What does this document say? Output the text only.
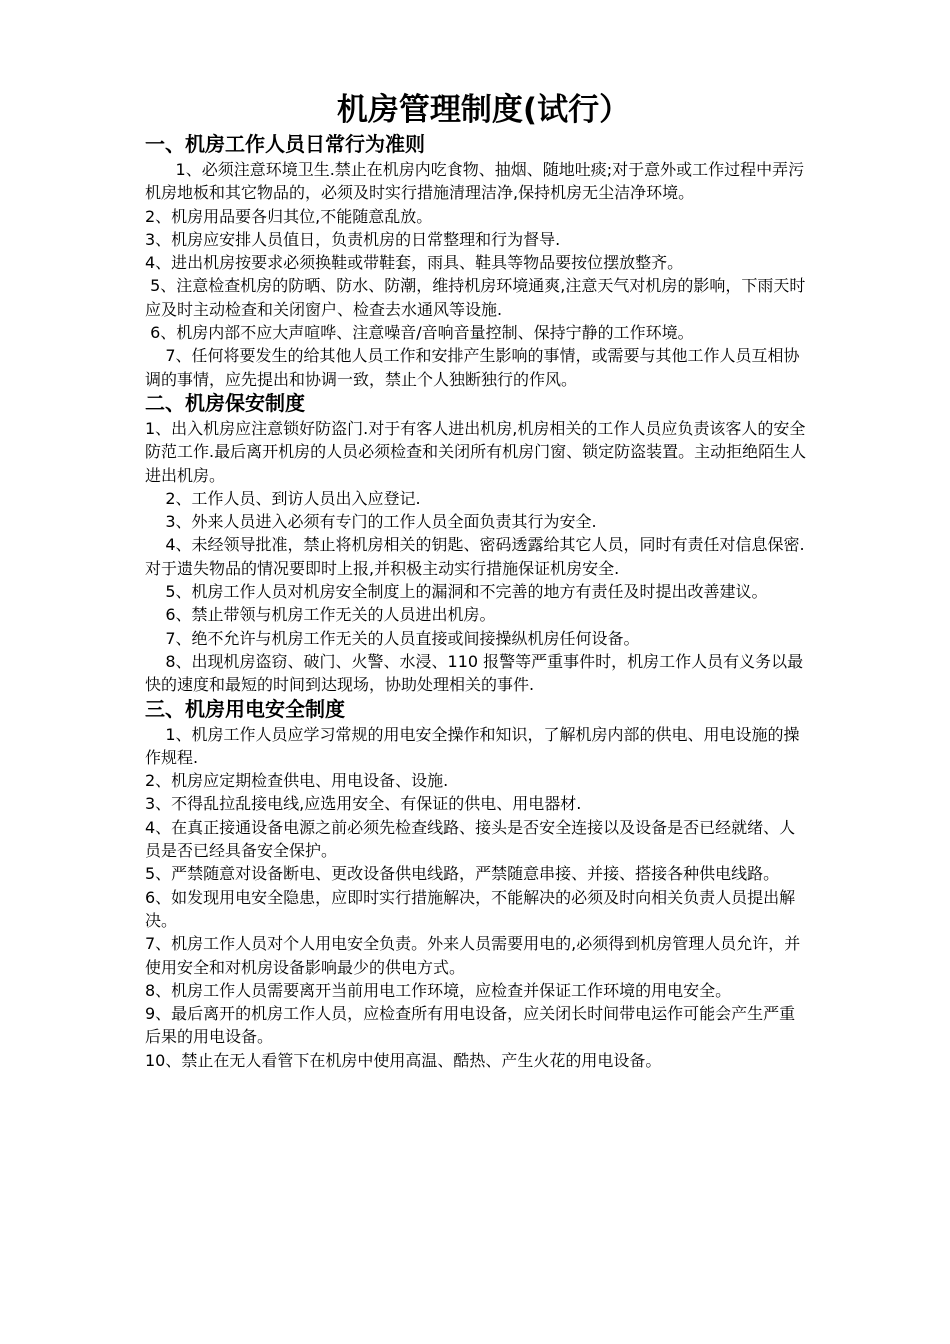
机房管理制度(试行）
一、机房工作人员日常行为准则

1、必须注意环境卫生.禁止在机房内吃食物、抽烟、随地吐痰;对于意外或工作过程中弄污机房地板和其它物品的，必须及时实行措施清理洁净,保持机房无尘洁净环境。

2、机房用品要各归其位,不能随意乱放。

3、机房应安排人员值日，负责机房的日常整理和行为督导.

4、进出机房按要求必须换鞋或带鞋套，雨具、鞋具等物品要按位摆放整齐。

5、注意检查机房的防晒、防水、防潮，维持机房环境通爽,注意天气对机房的影响，下雨天时应及时主动检查和关闭窗户、检查去水通风等设施.

6、机房内部不应大声喧哗、注意噪音/音响音量控制、保持宁静的工作环境。

7、任何将要发生的给其他人员工作和安排产生影响的事情，或需要与其他工作人员互相协调的事情，应先提出和协调一致，禁止个人独断独行的作风。

二、机房保安制度

1、出入机房应注意锁好防盗门.对于有客人进出机房,机房相关的工作人员应负责该客人的安全防范工作.最后离开机房的人员必须检查和关闭所有机房门窗、锁定防盗装置。主动拒绝陌生人进出机房。

2、工作人员、到访人员出入应登记.

3、外来人员进入必须有专门的工作人员全面负责其行为安全.

4、未经领导批准，禁止将机房相关的钥匙、密码透露给其它人员，同时有责任对信息保密.对于遗失物品的情况要即时上报,并积极主动实行措施保证机房安全.

5、机房工作人员对机房安全制度上的漏洞和不完善的地方有责任及时提出改善建议。

6、禁止带领与机房工作无关的人员进出机房。

7、绝不允许与机房工作无关的人员直接或间接操纵机房任何设备。

8、出现机房盗窃、破门、火警、水浸、110 报警等严重事件时，机房工作人员有义务以最快的速度和最短的时间到达现场，协助处理相关的事件.

三、机房用电安全制度

1、机房工作人员应学习常规的用电安全操作和知识，了解机房内部的供电、用电设施的操作规程.

2、机房应定期检查供电、用电设备、设施.

3、不得乱拉乱接电线,应选用安全、有保证的供电、用电器材.

4、在真正接通设备电源之前必须先检查线路、接头是否安全连接以及设备是否已经就绪、人员是否已经具备安全保护。

5、严禁随意对设备断电、更改设备供电线路，严禁随意串接、并接、搭接各种供电线路。

6、如发现用电安全隐患，应即时实行措施解决，不能解决的必须及时向相关负责人员提出解决。

7、机房工作人员对个人用电安全负责。外来人员需要用电的,必须得到机房管理人员允许，并使用安全和对机房设备影响最少的供电方式。

8、机房工作人员需要离开当前用电工作环境，应检查并保证工作环境的用电安全。

9、最后离开的机房工作人员，应检查所有用电设备，应关闭长时间带电运作可能会产生严重后果的用电设备。

10、禁止在无人看管下在机房中使用高温、酷热、产生火花的用电设备。
